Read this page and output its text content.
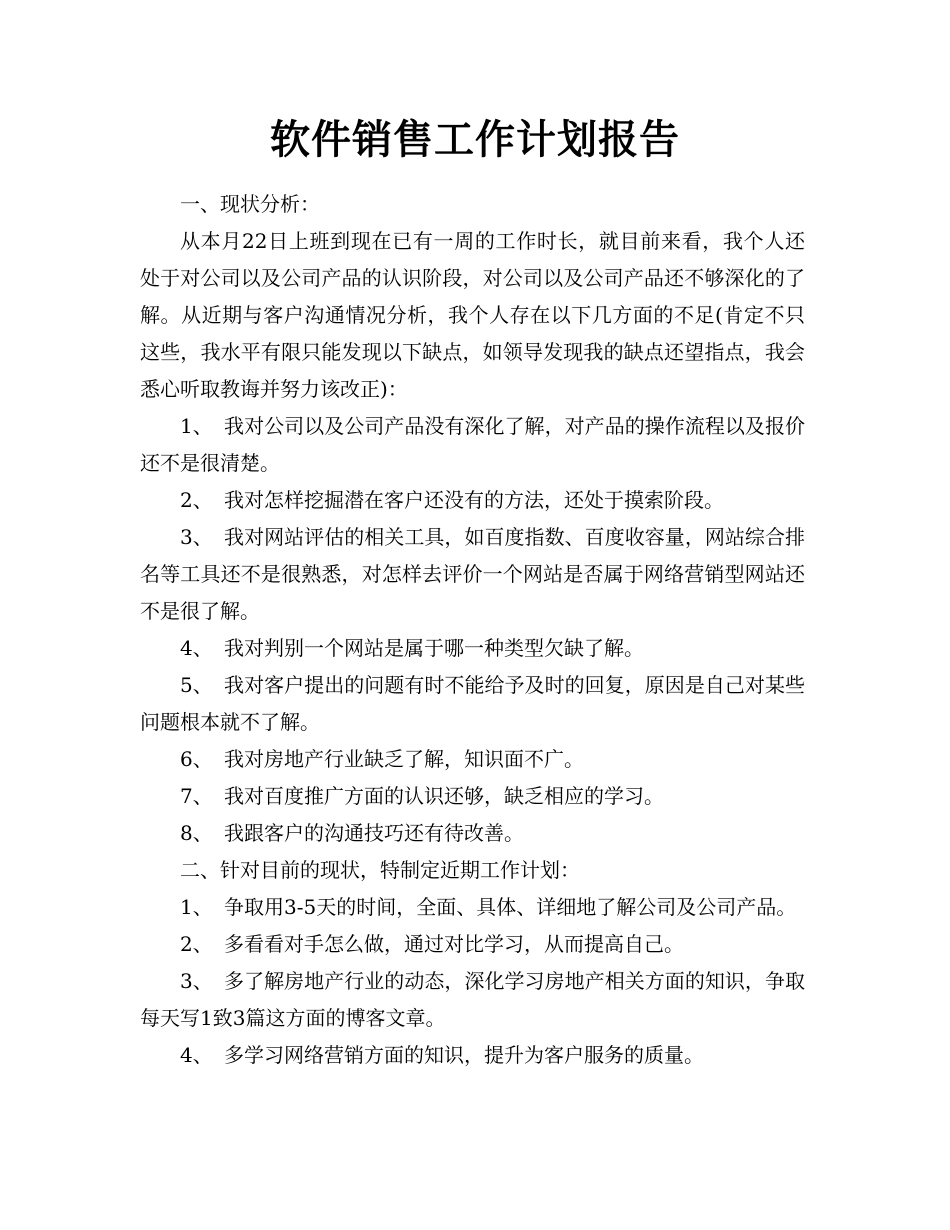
软件销售工作计划报告

一、现状分析：

从本月22日上班到现在已有一周的工作时长，就目前来看，我个人还处于对公司以及公司产品的认识阶段，对公司以及公司产品还不够深化的了解。从近期与客户沟通情况分析，我个人存在以下几方面的不足(肯定不只这些，我水平有限只能发现以下缺点，如领导发现我的缺点还望指点，我会悉心听取教诲并努力该改正)：

1、 我对公司以及公司产品没有深化了解，对产品的操作流程以及报价还不是很清楚。

2、 我对怎样挖掘潜在客户还没有的方法，还处于摸索阶段。

3、 我对网站评估的相关工具，如百度指数、百度收容量，网站综合排名等工具还不是很熟悉，对怎样去评价一个网站是否属于网络营销型网站还不是很了解。

4、 我对判别一个网站是属于哪一种类型欠缺了解。

5、 我对客户提出的问题有时不能给予及时的回复，原因是自己对某些问题根本就不了解。

6、 我对房地产行业缺乏了解，知识面不广。

7、 我对百度推广方面的认识还够，缺乏相应的学习。

8、 我跟客户的沟通技巧还有待改善。

二、针对目前的现状，特制定近期工作计划：

1、 争取用3-5天的时间，全面、具体、详细地了解公司及公司产品。

2、 多看看对手怎么做，通过对比学习，从而提高自己。

3、 多了解房地产行业的动态，深化学习房地产相关方面的知识，争取每天写1致3篇这方面的博客文章。

4、 多学习网络营销方面的知识，提升为客户服务的质量。
